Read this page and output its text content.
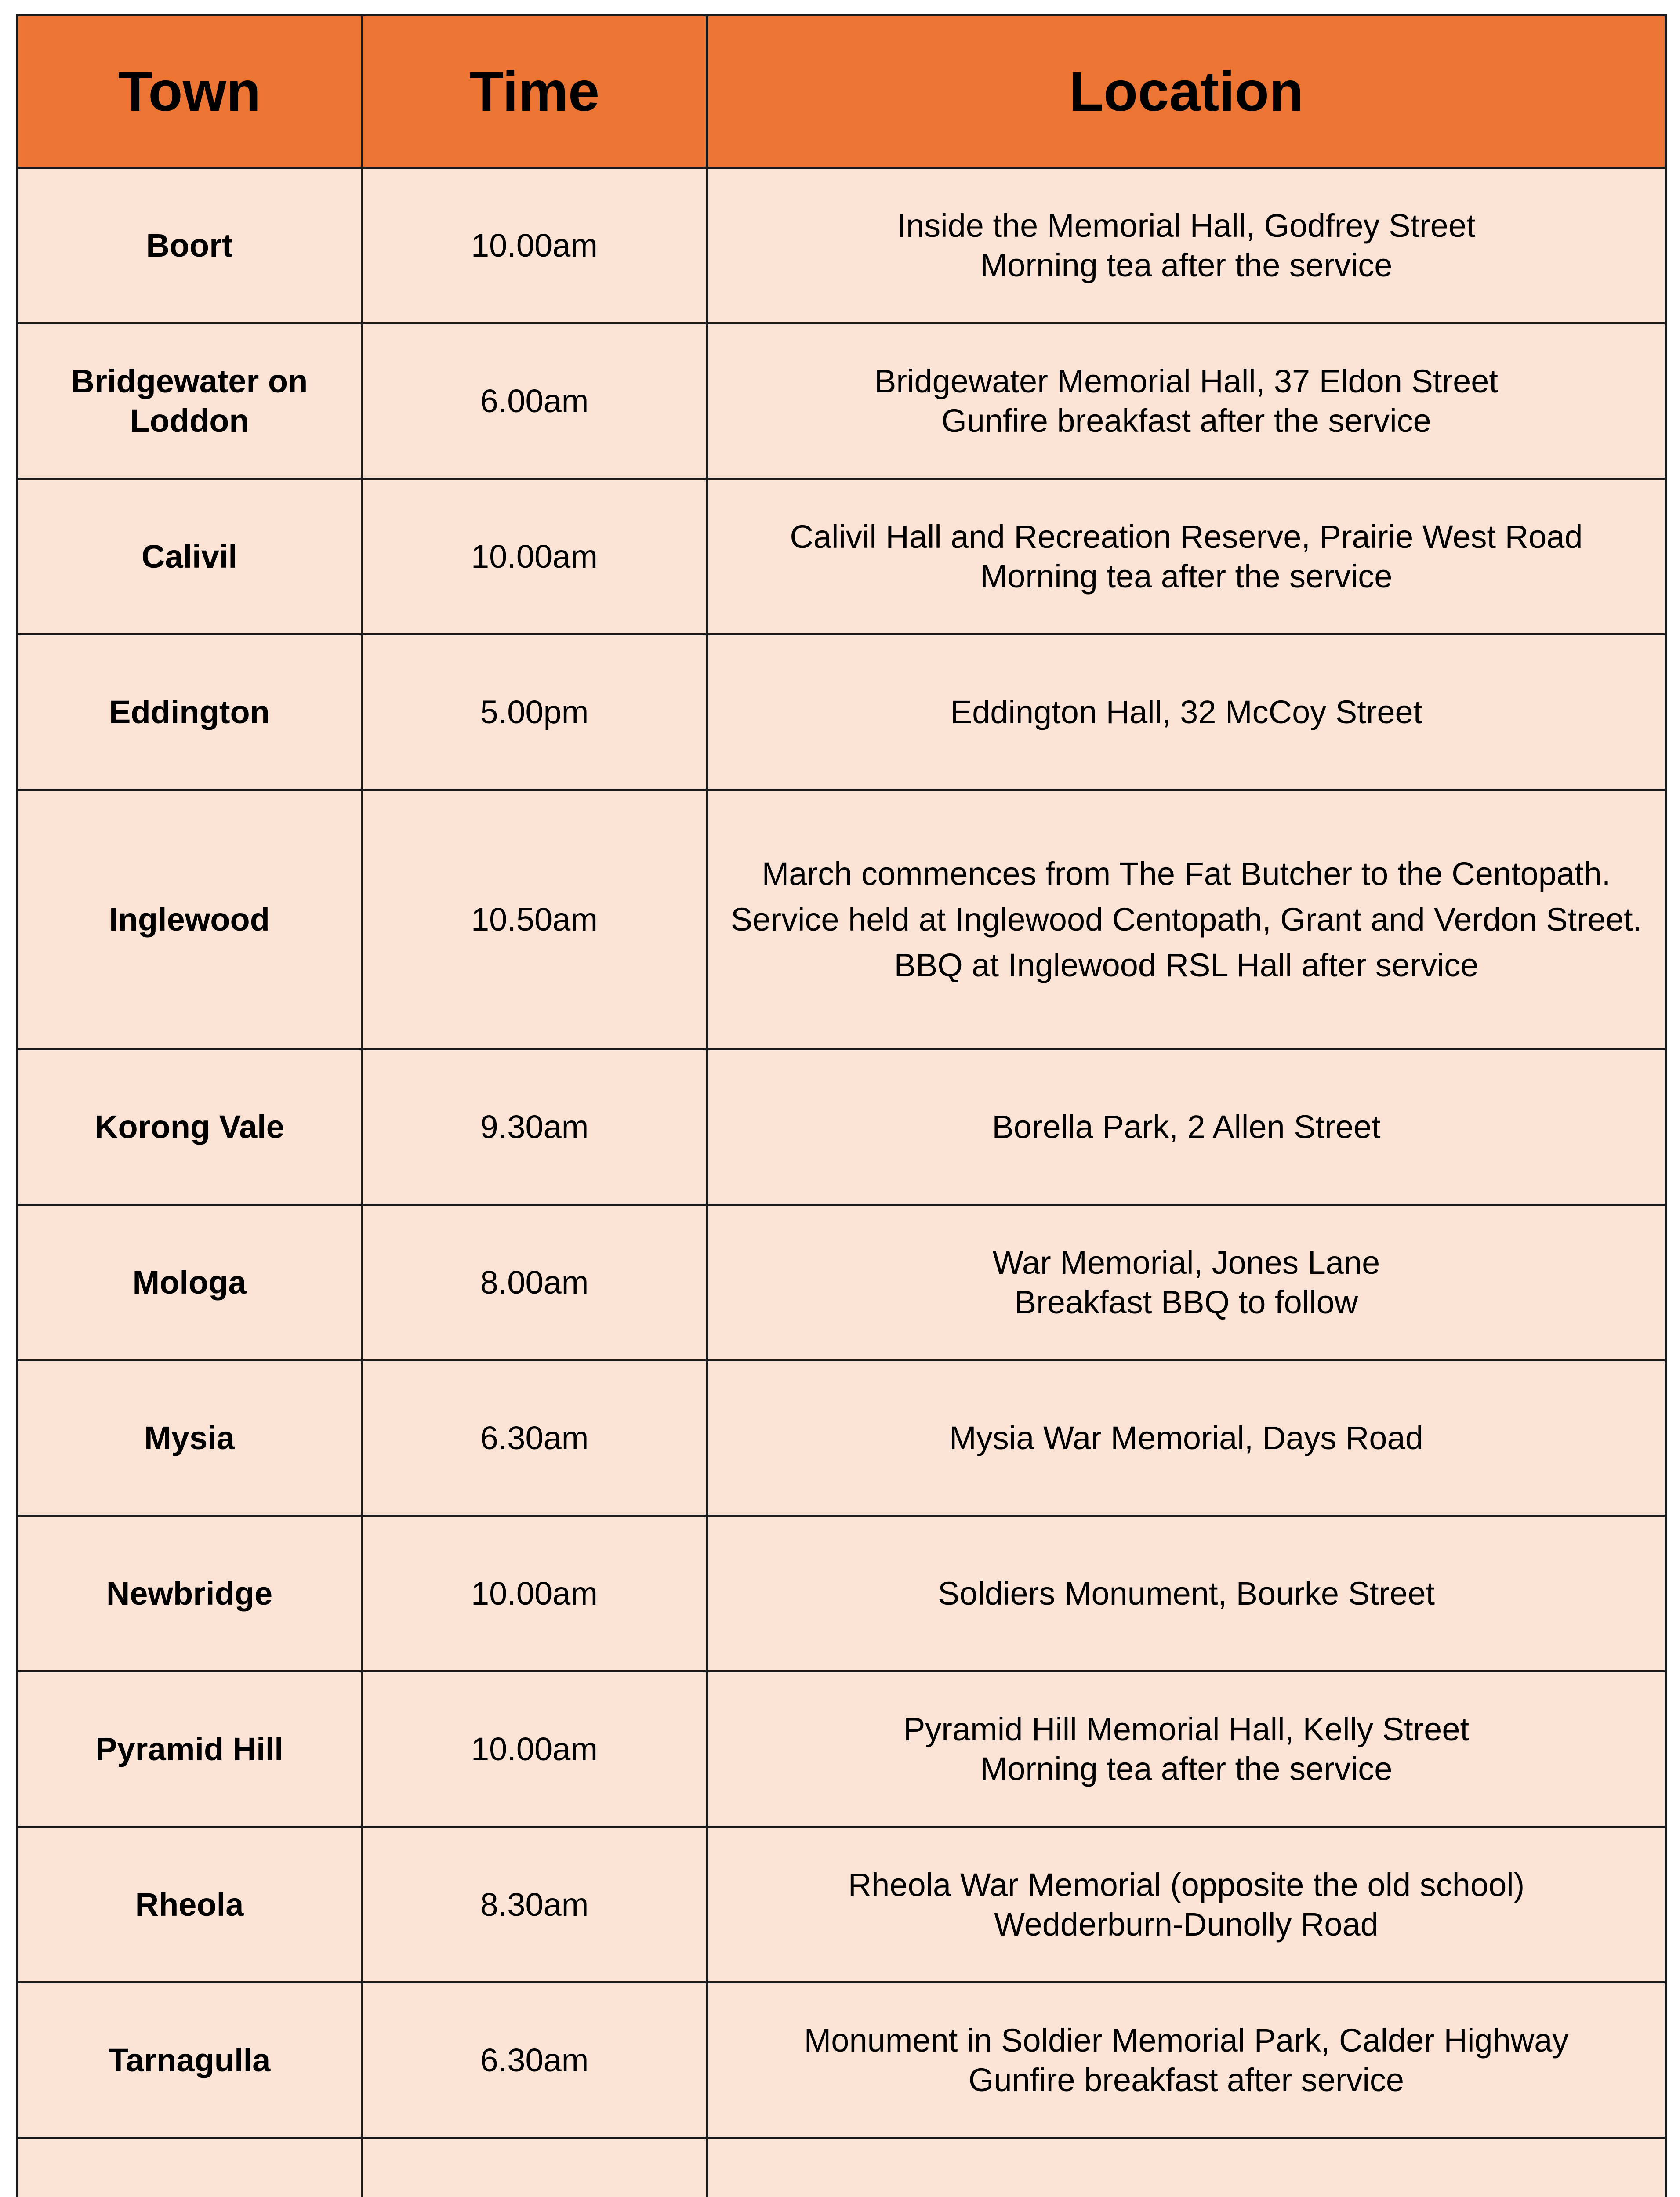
Town	Time	Location
Boort	10.00am	Inside the Memorial Hall, Godfrey Street
Morning tea after the service

Bridgewater on Loddon	6.00am	Bridgewater Memorial Hall, 37 Eldon Street
Gunfire breakfast after the service

Calivil	10.00am	Calivil Hall and Recreation Reserve, Prairie West Road
Morning tea after the service

Eddington	5.00pm	Eddington Hall, 32 McCoy Street

Inglewood	10.50am	March commences from The Fat Butcher to the Centopath.
Service held at Inglewood Centopath, Grant and Verdon Street.
BBQ at Inglewood RSL Hall after service

Korong Vale	9.30am	Borella Park, 2 Allen Street

Mologa	8.00am	War Memorial, Jones Lane
Breakfast BBQ to follow

Mysia	6.30am	Mysia War Memorial, Days Road

Newbridge	10.00am	Soldiers Monument, Bourke Street

Pyramid Hill	10.00am	Pyramid Hill Memorial Hall, Kelly Street
Morning tea after the service

Rheola	8.30am	Rheola War Memorial (opposite the old school)
Wedderburn-Dunolly Road

Tarnagulla	6.30am	Monument in Soldier Memorial Park, Calder Highway
Gunfire breakfast after service
